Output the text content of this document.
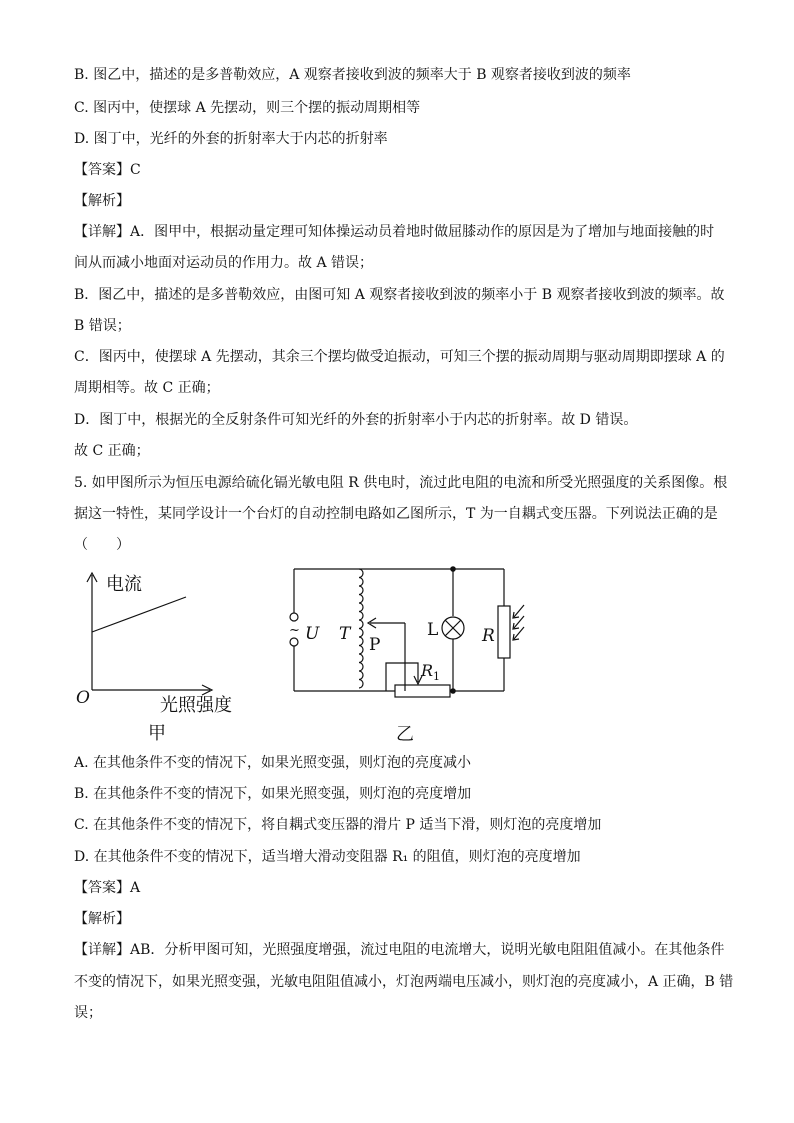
B. 图乙中，描述的是多普勒效应，A 观察者接收到波的频率大于 B 观察者接收到波的频率
C. 图丙中，使摆球 A 先摆动，则三个摆的振动周期相等
D. 图丁中，光纤的外套的折射率大于内芯的折射率
【答案】C
【解析】
【详解】A．图甲中，根据动量定理可知体操运动员着地时做屈膝动作的原因是为了增加与地面接触的时
间从而减小地面对运动员的作用力。故 A 错误；
B．图乙中，描述的是多普勒效应，由图可知 A 观察者接收到波的频率小于 B 观察者接收到波的频率。故
B 错误；
C．图丙中，使摆球 A 先摆动，其余三个摆均做受迫振动，可知三个摆的振动周期与驱动周期即摆球 A 的
周期相等。故 C 正确；
D．图丁中，根据光的全反射条件可知光纤的外套的折射率小于内芯的折射率。故 D 错误。
故 C 正确；
5. 如甲图所示为恒压电源给硫化镉光敏电阻 R 供电时，流过此电阻的电流和所受光照强度的关系图像。根
据这一特性，某同学设计一个台灯的自动控制电路如乙图所示，T 为一自耦式变压器。下列说法正确的是
（　　）
电流
光照强度
O
甲
~ U T
P
$R_1$
L	R
乙
A. 在其他条件不变的情况下，如果光照变强，则灯泡的亮度减小
B. 在其他条件不变的情况下，如果光照变强，则灯泡的亮度增加
C. 在其他条件不变的情况下，将自耦式变压器的滑片 P 适当下滑，则灯泡的亮度增加
D. 在其他条件不变的情况下，适当增大滑动变阻器 R₁ 的阻值，则灯泡的亮度增加
【答案】A
【解析】
【详解】AB．分析甲图可知，光照强度增强，流过电阻的电流增大，说明光敏电阻阻值减小。在其他条件
不变的情况下，如果光照变强，光敏电阻阻值减小，灯泡两端电压减小，则灯泡的亮度减小，A 正确，B 错
误；
